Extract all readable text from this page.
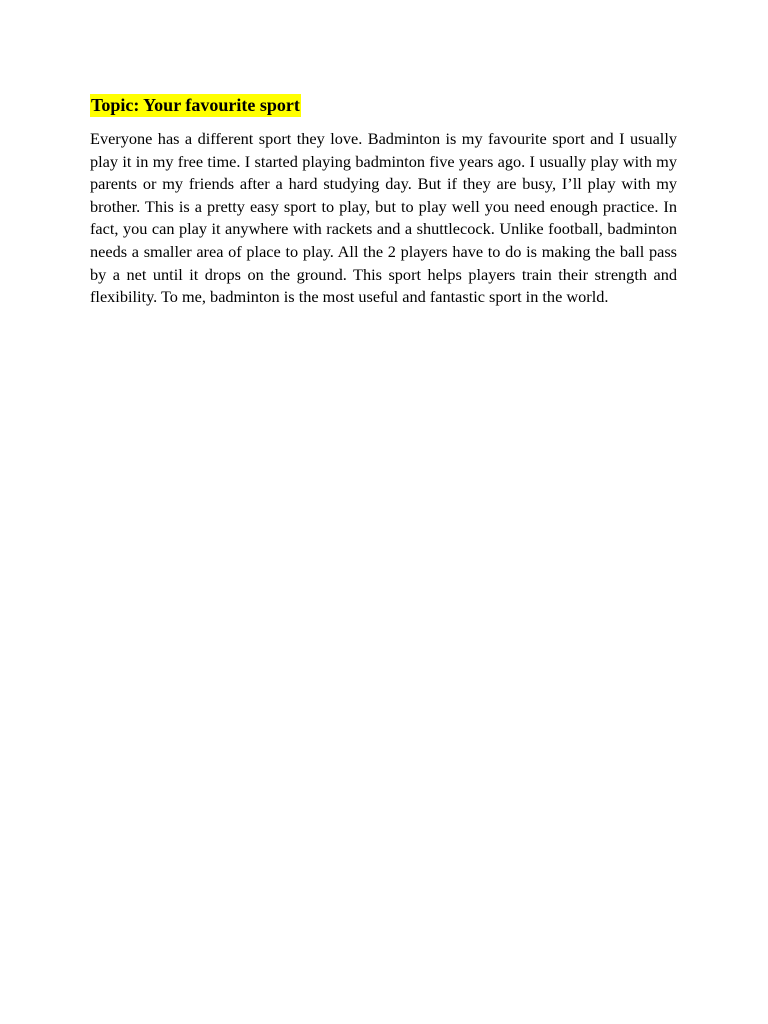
Topic: Your favourite sport

Everyone has a different sport they love. Badminton is my favourite sport and I usually play it in my free time. I started playing badminton five years ago. I usually play with my parents or my friends after a hard studying day. But if they are busy, I’ll play with my brother. This is a pretty easy sport to play, but to play well you need enough practice. In fact, you can play it anywhere with rackets and a shuttlecock. Unlike football, badminton needs a smaller area of place to play. All the 2 players have to do is making the ball pass by a net until it drops on the ground. This sport helps players train their strength and flexibility. To me, badminton is the most useful and fantastic sport in the world.
